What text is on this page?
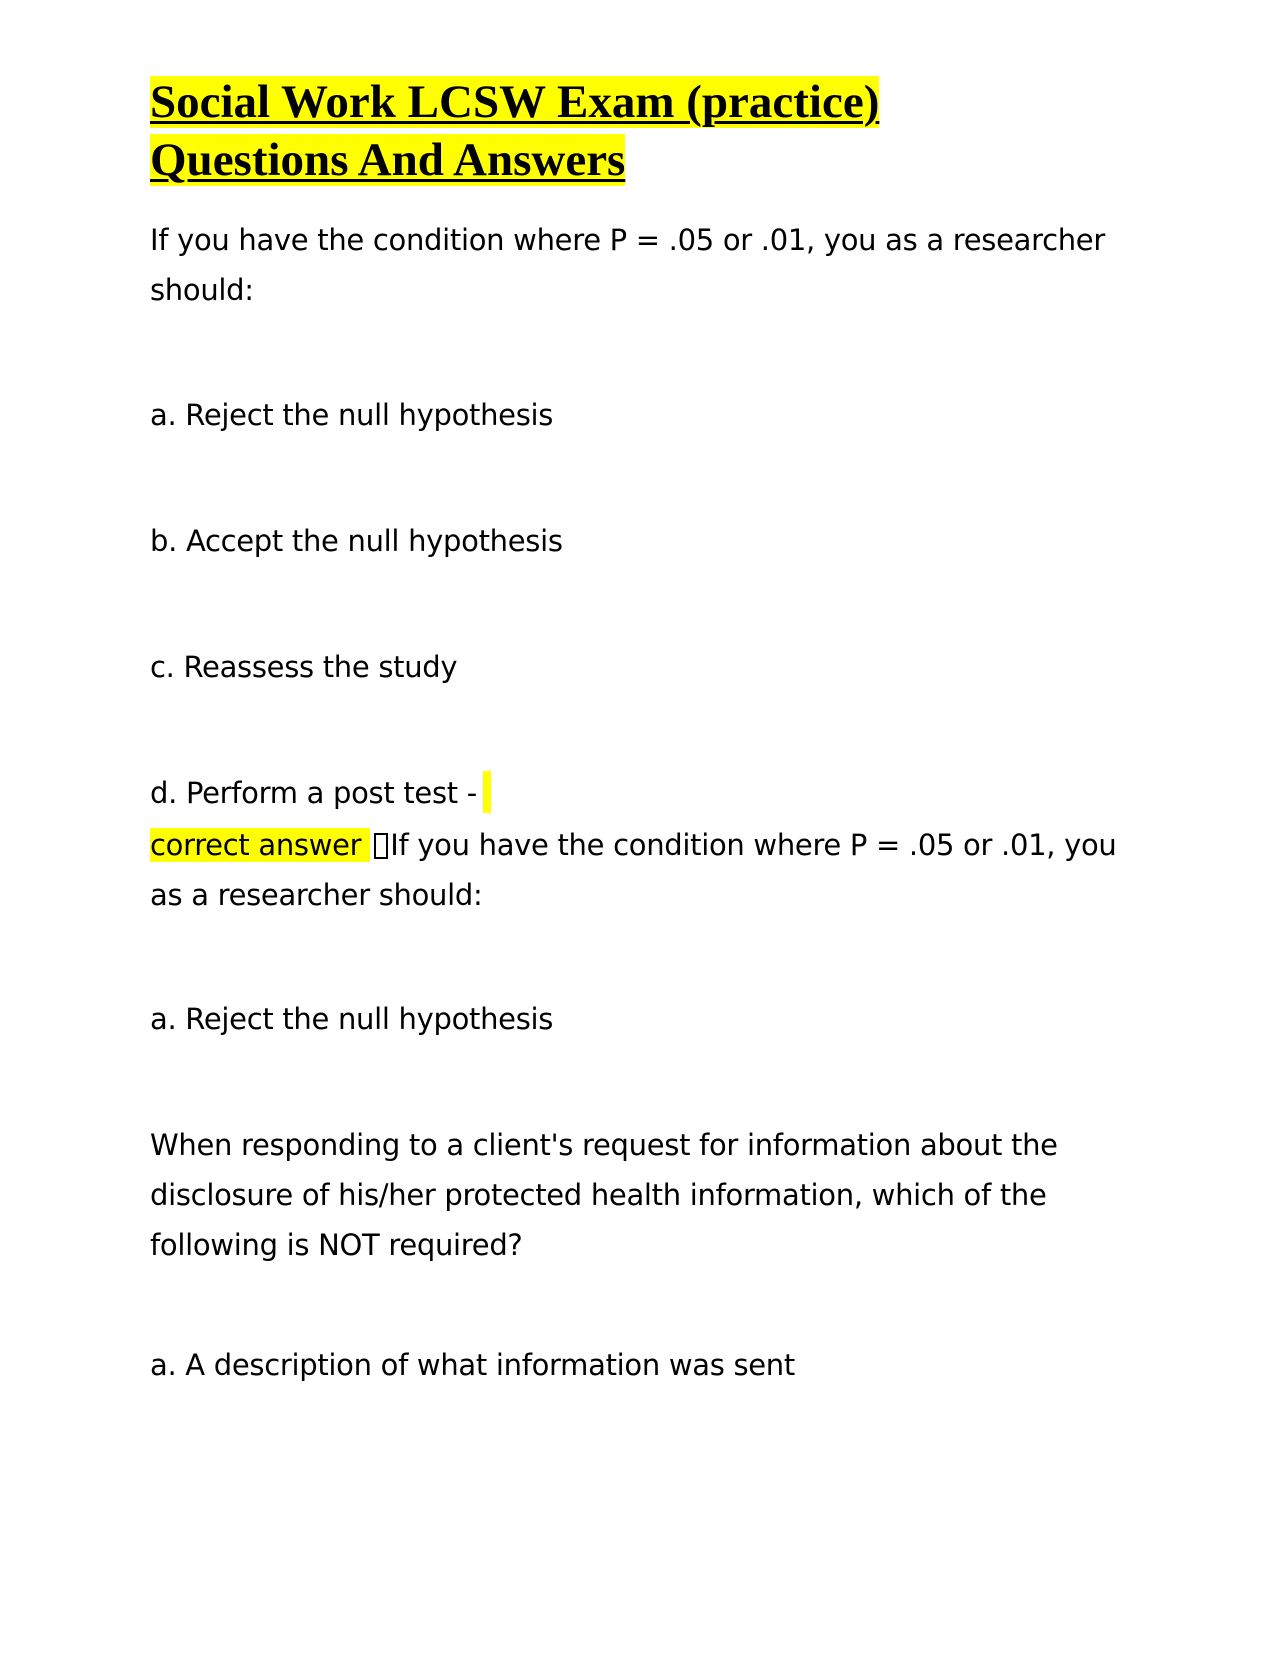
Social Work LCSW Exam (practice)
Questions And Answers

If you have the condition where P = .05 or .01, you as a researcher should:

a. Reject the null hypothesis

b. Accept the null hypothesis

c. Reassess the study

d. Perform a post test -

correct answer If you have the condition where P = .05 or .01, you as a researcher should:

a. Reject the null hypothesis

When responding to a client's request for information about the disclosure of his/her protected health information, which of the following is NOT required?

a. A description of what information was sent
